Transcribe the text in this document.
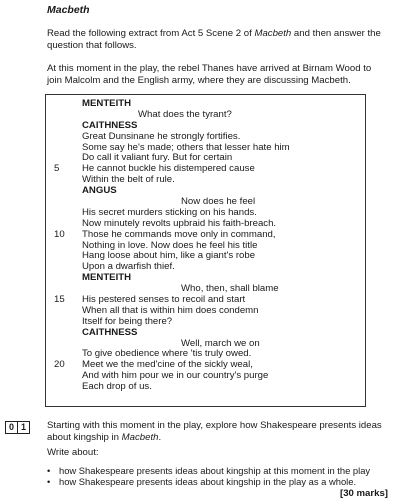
Macbeth
Read the following extract from Act 5 Scene 2 of Macbeth and then answer the question that follows.
At this moment in the play, the rebel Thanes have arrived at Birnam Wood to join Malcolm and the English army, where they are discussing Macbeth.
MENTEITH
What does the tyrant?
CAITHNESS
Great Dunsinane he strongly fortifies.
Some say he's made; others that lesser hate him
Do call it valiant fury. But for certain
5	He cannot buckle his distempered cause
Within the belt of rule.
ANGUS
Now does he feel
His secret murders sticking on his hands.
Now minutely revolts upbraid his faith-breach.
10	Those he commands move only in command,
Nothing in love. Now does he feel his title
Hang loose about him, like a giant's robe
Upon a dwarfish thief.
MENTEITH
Who, then, shall blame
15	His pestered senses to recoil and start
When all that is within him does condemn
Itself for being there?
CAITHNESS
Well, march we on
To give obedience where 'tis truly owed.
20	Meet we the med'cine of the sickly weal,
And with him pour we in our country's purge
Each drop of us.
0 1	Starting with this moment in the play, explore how Shakespeare presents ideas about kingship in Macbeth.
Write about:
• how Shakespeare presents ideas about kingship at this moment in the play
• how Shakespeare presents ideas about kingship in the play as a whole.
[30 marks]
